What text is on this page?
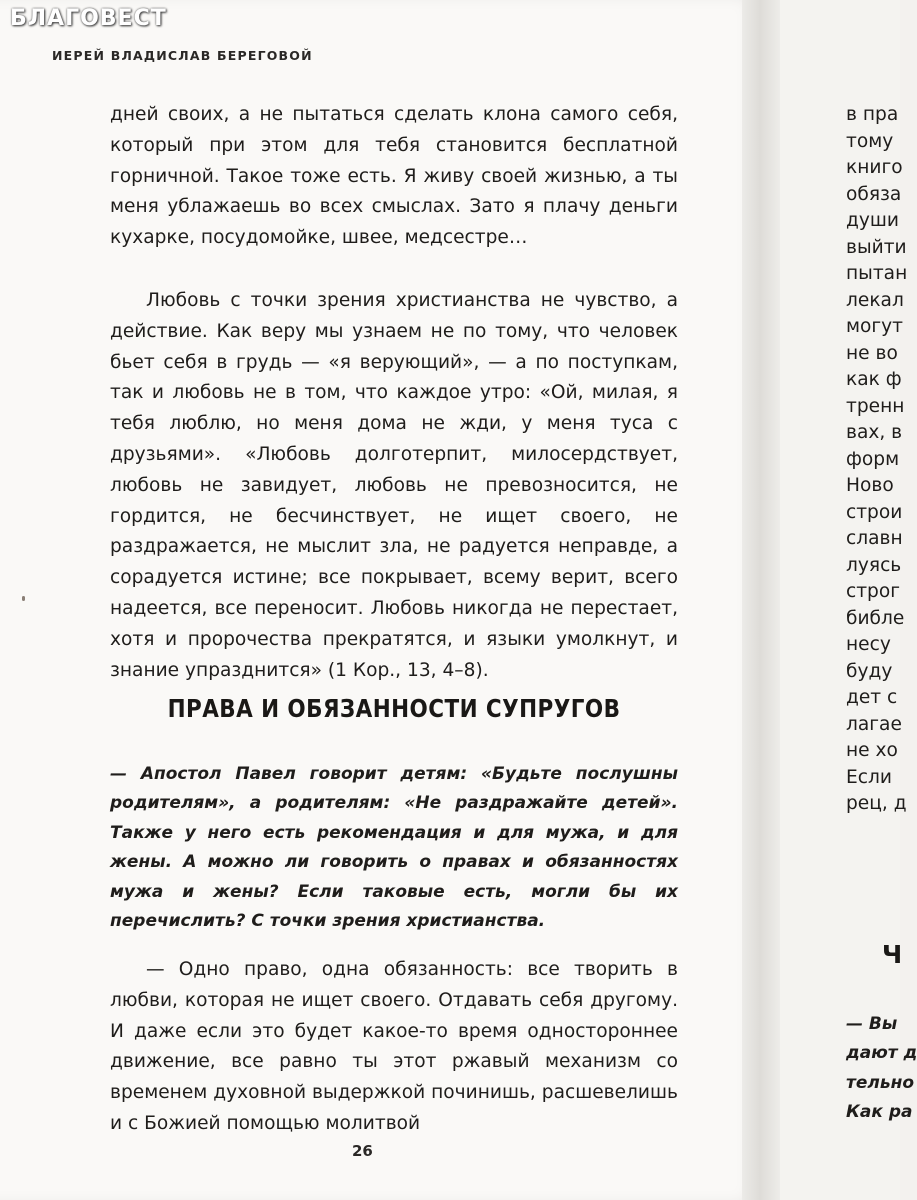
в пра
тому
книго
обяза
души
выйти
пытан
лекал
могут
не во
как ф
тренн
вах, в
форм
Ново
строи
славн
луясь
строг
библе
несу
буду
дет с
лагае
не хо
Если
рец, д
Ч
— Вы
дают д
тельно
Как ра
БЛАГОВЕСТ
ИЕРЕЙ ВЛАДИСЛАВ БЕРЕГОВОЙ

дней своих, а не пытаться сделать клона самого себя, который при этом для тебя становится бесплатной горничной. Такое тоже есть. Я живу своей жизнью, а ты меня ублажаешь во всех смыслах. Зато я плачу деньги кухарке, посудомойке, швее, медсестре…

Любовь с точки зрения христианства не чувство, а действие. Как веру мы узнаем не по тому, что человек бьет себя в грудь — «я верующий», — а по поступкам, так и любовь не в том, что каждое утро: «Ой, милая, я тебя люблю, но меня дома не жди, у меня туса с друзьями». «Любовь долготерпит, милосердствует, любовь не завидует, любовь не превозносится, не гордится, не бесчинствует, не ищет своего, не раздражается, не мыслит зла, не радуется неправде, а сорадуется истине; все покрывает, всему верит, всего надеется, все переносит. Любовь никогда не перестает, хотя и пророчества прекратятся, и языки умолкнут, и знание упразднится» (1 Кор., 13, 4–8).

ПРАВА И ОБЯЗАННОСТИ СУПРУГОВ
— Апостол Павел говорит детям: «Будьте послушны родителям», а родителям: «Не раздражайте детей». Также у него есть рекомендация и для мужа, и для жены. А можно ли говорить о правах и обязанностях мужа и жены? Если таковые есть, могли бы их перечислить? С точки зрения христианства.

— Одно право, одна обязанность: все творить в любви, которая не ищет своего. Отдавать себя другому. И даже если это будет какое-то время одностороннее движение, все равно ты этот ржавый механизм со временем духовной выдержкой починишь, расшевелишь и с Божией помощью молитвой

26
